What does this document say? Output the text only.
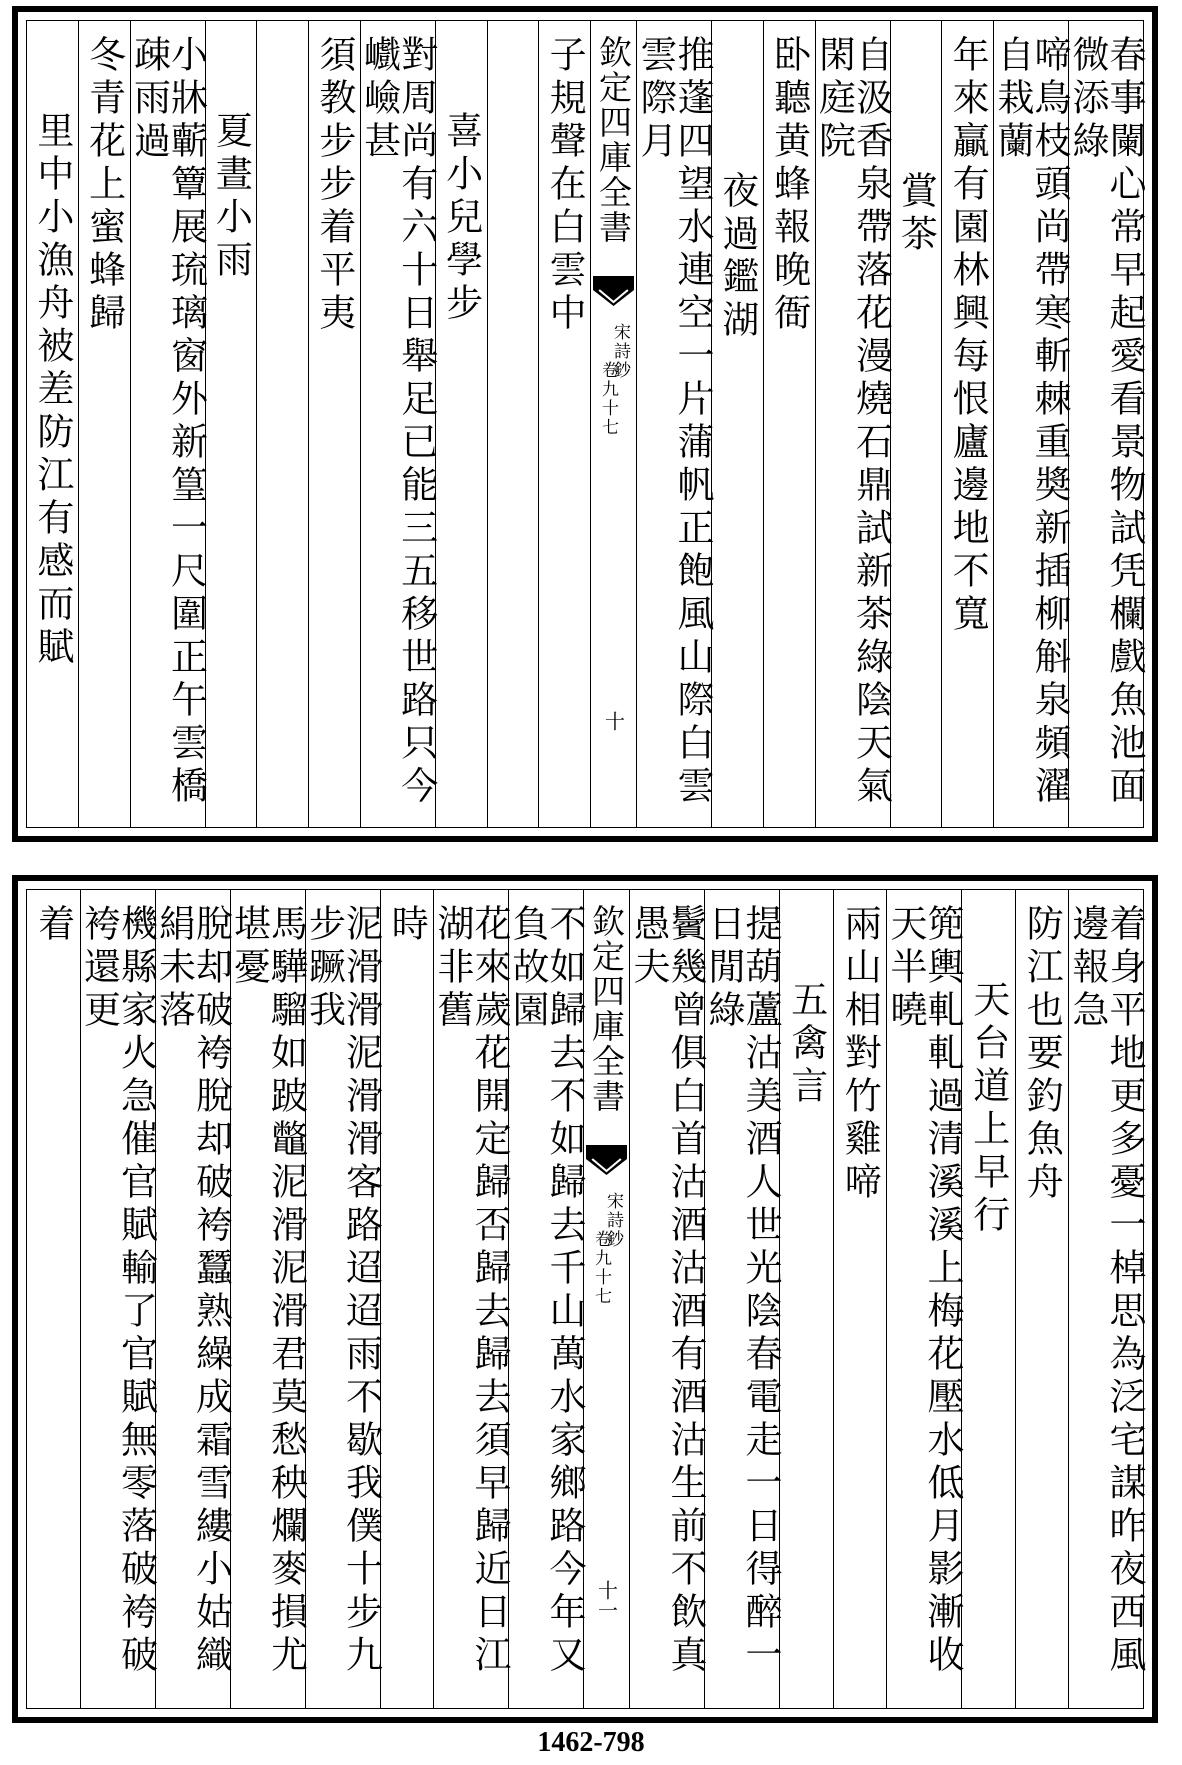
春事闌心常早起愛看景物試凭欄戲魚池面微添綠
啼鳥枝頭尚帶寒斬棘重奬新插柳斛泉頻濯自栽蘭
年來贏有園林興每恨廬邊地不寬
賞茶
自汲香泉帶落花漫燒石鼎試新茶綠陰天氣閑庭院
卧聽黄蜂報晚衙
夜過鑑湖
推蓬四望水連空一片蒲帆正飽風山際白雲雲際月
欽定四庫全書
宋詩鈔
卷九十七
十
子規聲在白雲中
喜小兒學步
對周尚有六十日舉足已能三五移世路只今巇嶮甚
須教步步着平夷
夏晝小雨
小牀蘄簟展琉璃窗外新篁一尺圍正午雲橋疎雨過
冬青花上蜜蜂歸
里中小漁舟被差防江有感而賦
着身平地更多憂一棹思為泛宅謀昨夜西風邊報急
防江也要釣魚舟
天台道上早行
篼輿軋軋過清溪溪上梅花壓水低月影漸收天半曉
兩山相對竹雞啼
五禽言
提葫蘆沽美酒人世光陰春電走一日得醉一日閒綠
鬢幾曾俱白首沽酒沽酒有酒沽生前不飲真愚夫
欽定四庫全書
宋詩鈔
卷九十七
十一
不如歸去不如歸去千山萬水家鄉路今年又負故園
花來歲花開定歸否歸去歸去須早歸近日江湖非舊
時
泥滑滑泥滑滑客路迢迢雨不歇我僕十步九步蹶我
馬驊騮如跛鼈泥滑泥滑君莫愁秧爛麥損尤堪憂
脫却破袴脫却破袴蠶熟繰成霜雪縷小姑織絹未落
機縣家火急催官賦輸了官賦無零落破袴破袴還更
着
1462-798
